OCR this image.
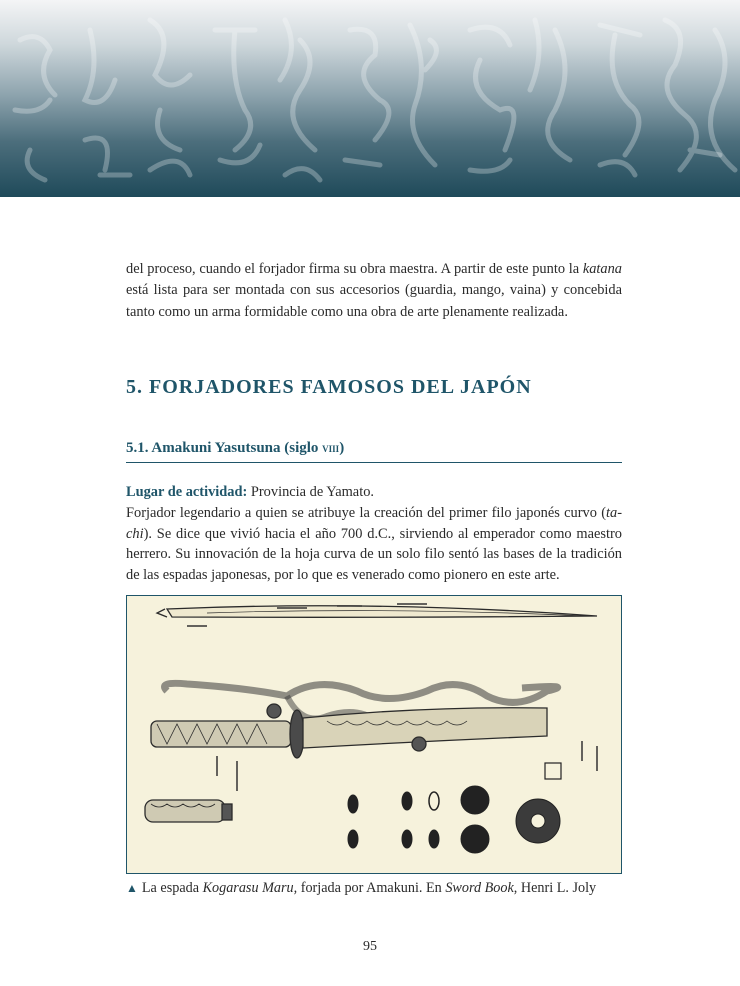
del proceso, cuando el forjador firma su obra maestra. A partir de este punto la katana
está lista para ser montada con sus accesorios (guardia, mango, vaina) y concebida
tanto como un arma formidable como una obra de arte plenamente realizada.

5. FORJADORES FAMOSOS DEL JAPÓN
5.1. Amakuni Yasutsuna (siglo viii)

Lugar de actividad: Provincia de Yamato.
Forjador legendario a quien se atribuye la creación del primer filo japonés curvo (ta-
chi). Se dice que vivió hacia el año 700 d.C., sirviendo al emperador como maestro
herrero. Su innovación de la hoja curva de un solo filo sentó las bases de la tradición
de las espadas japonesas, por lo que es venerado como pionero en este arte.

▲ La espada Kogarasu Maru, forjada por Amakuni. En Sword Book, Henri L. Joly

95
